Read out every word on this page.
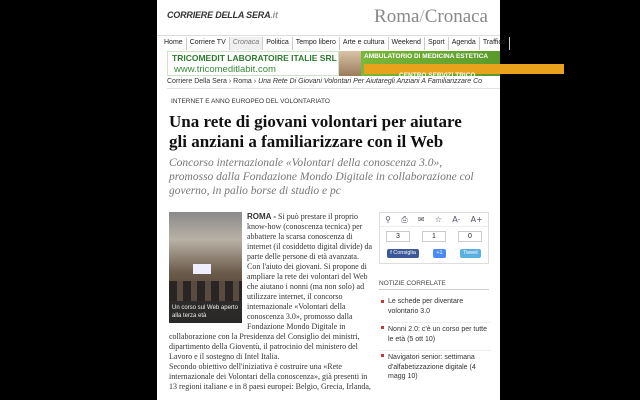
CORRIERE DELLA SERA.it	Roma/Cronaca
Home	Corriere TV	Cronaca	Politica	Tempo libero	Arte e cultura	Weekend	Sport	Agenda	Traffico
TRICOMEDIT LABORATOIRE ITALIE SRL
www.tricomeditlabit.com
AMBULATORIO DI MEDICINA ESTETICA
CENTRO SERVIZI TRICO
Corriere Della Sera › Roma › Una Rete Di Giovani Volontari Per Aiutaregli Anziani A Familiarizzare Co
INTERNET E ANNO EUROPEO DEL VOLONTARIATO
Una rete di giovani volontari per aiutare gli anziani a familiarizzare con il Web
Concorso internazionale «Volontari della conoscenza 3.0», promosso dalla Fondazione Mondo Digitale in collaborazione col governo, in palio borse di studio e pc

ROMA - Si può prestare il proprio know-how (conoscenza tecnica) per abbattere la scarsa conoscenza di internet (il cosiddetto digital divide) da parte delle persone di età avanzata. Con l'aiuto dei giovani. Si propone di ampliare la rete dei volontari del Web che aiutano i nonni (ma non solo) ad utilizzare internet, il concorso internazionale «Volontari della conoscenza 3.0», promosso dalla Fondazione Mondo Digitale in collaborazione con la Presidenza del Consiglio dei ministri, dipartimento della Gioventù, il patrocinio del ministero del Lavoro e il sostegno di Intel Italia.

Secondo obiettivo dell'iniziativa è costruire una «Rete internazionale dei Volontari della conoscenza», già presenti in 13 regioni italiane e in 8 paesi europei: Belgio, Grecia, Irlanda,

Un corso sul Web aperto alla terza età
⚲ ⎙ ✉ ☆ A- A+
3	1	0
f Consiglia	+1	Tweet
NOTIZIE CORRELATE
Le schede per diventare volontario 3.0
Nonni 2.0: c'è un corso per tutte le età (5 ott 10)
Navigatori senior: settimana d'alfabetizzazione digitale (4 magg 10)
